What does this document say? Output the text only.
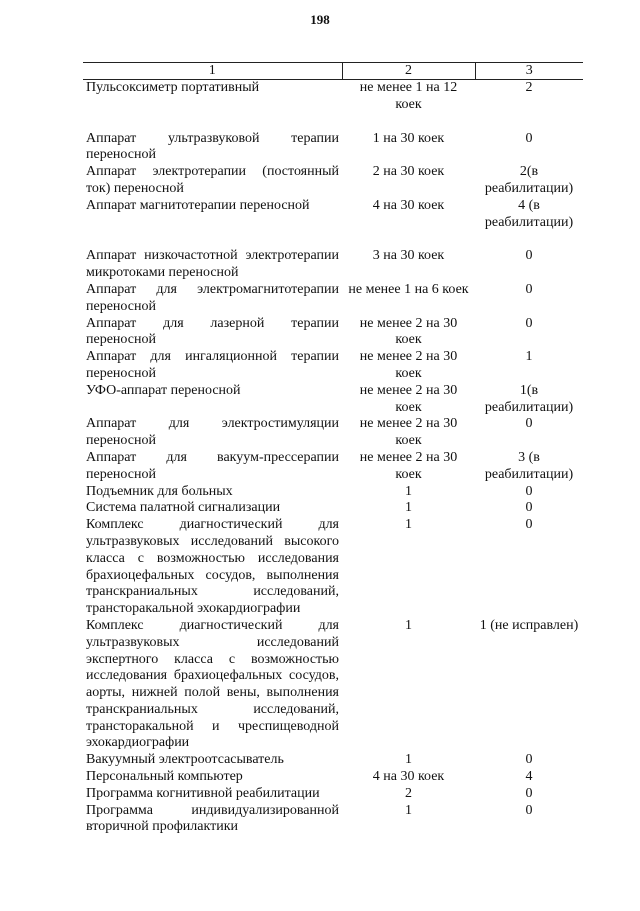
198
1	2	3
Пульсоксиметр портативный	не менее 1 на 12 коек	2
Аппарат ультразвуковой терапии переносной	1 на 30 коек	0
Аппарат электротерапии (постоянный ток) переносной	2 на 30 коек	2(в реабилитации)
Аппарат магнитотерапии переносной	4 на 30 коек	4 (в реабилитации)
Аппарат низкочастотной электротерапии микротоками переносной	3 на 30 коек	0
Аппарат для электромагнитотерапии переносной	не менее 1 на 6 коек	0
Аппарат для лазерной терапии переносной	не менее 2 на 30 коек	0
Аппарат для ингаляционной терапии переносной	не менее 2 на 30 коек	1
УФО-аппарат переносной	не менее 2 на 30 коек	1(в реабилитации)
Аппарат для электростимуляции переносной	не менее 2 на 30 коек	0
Аппарат для вакуум-прессерапии переносной	не менее 2 на 30 коек	3 (в реабилитации)
Подъемник для больных	1	0
Система палатной сигнализации	1	0
Комплекс диагностический для ультразвуковых исследований высокого класса с возможностью исследования брахиоцефальных сосудов, выполнения транскраниальных исследований, трансторакальной эхокардиографии	1	0
Комплекс диагностический для ультразвуковых исследований экспертного класса с возможностью исследования брахиоцефальных сосудов, аорты, нижней полой вены, выполнения транскраниальных исследований, трансторакальной и чреспищеводной эхокардиографии	1	1 (не исправлен)
Вакуумный электроотсасыватель	1	0
Персональный компьютер	4 на 30 коек	4
Программа когнитивной реабилитации	2	0
Программа индивидуализированной вторичной профилактики	1	0
